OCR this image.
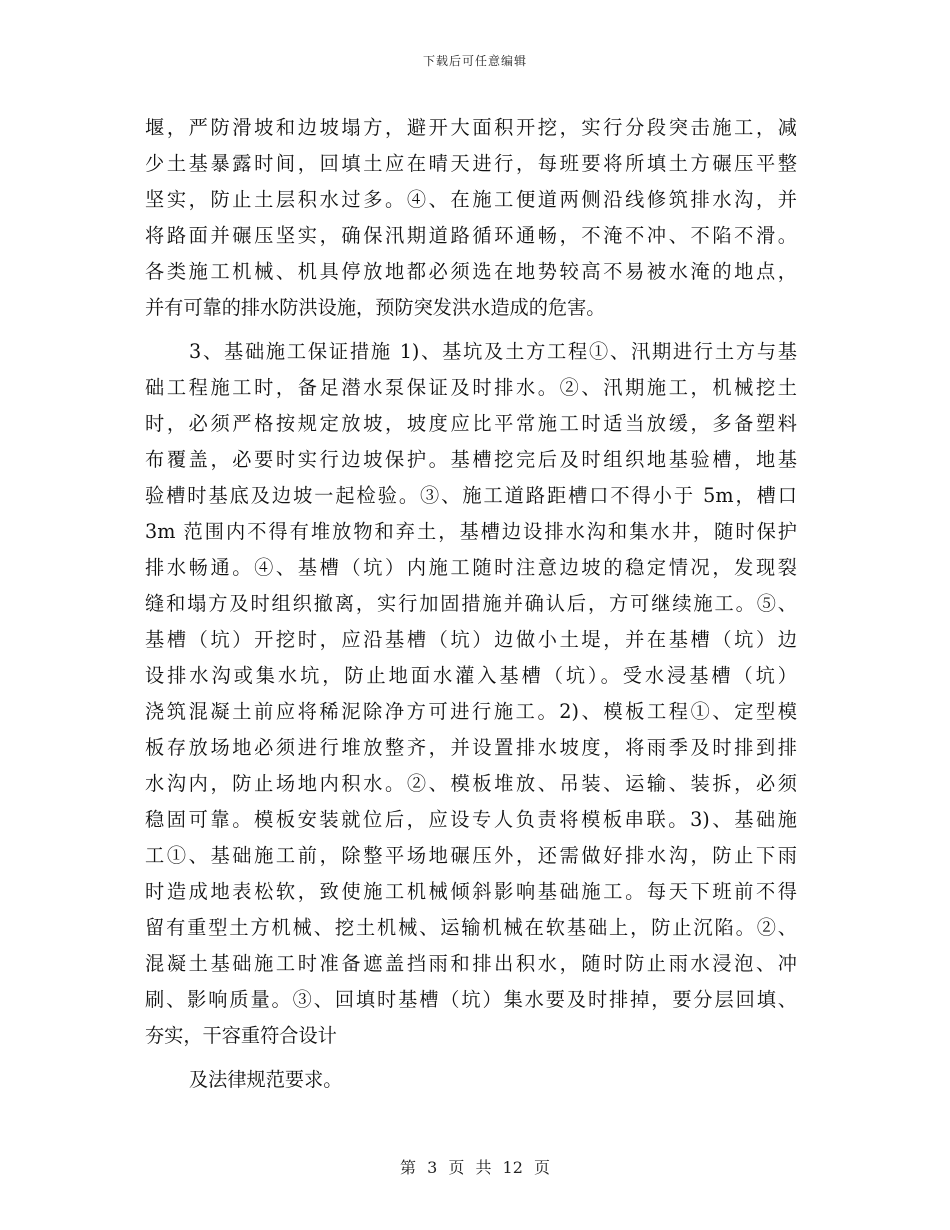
下载后可任意编辑
堰，严防滑坡和边坡塌方，避开大面积开挖，实行分段突击施工，减
少土基暴露时间，回填土应在晴天进行，每班要将所填土方碾压平整
坚实，防止土层积水过多。④、在施工便道两侧沿线修筑排水沟，并
将路面并碾压坚实，确保汛期道路循环通畅，不淹不冲、不陷不滑。
各类施工机械、机具停放地都必须选在地势较高不易被水淹的地点，
并有可靠的排水防洪设施，预防突发洪水造成的危害。
3、基础施工保证措施 1)、基坑及土方工程①、汛期进行土方与基
础工程施工时，备足潜水泵保证及时排水。②、汛期施工，机械挖土
时，必须严格按规定放坡，坡度应比平常施工时适当放缓，多备塑料
布覆盖，必要时实行边坡保护。基槽挖完后及时组织地基验槽，地基
验槽时基底及边坡一起检验。③、施工道路距槽口不得小于 5m，槽口
3m 范围内不得有堆放物和弃土，基槽边设排水沟和集水井，随时保护
排水畅通。④、基槽（坑）内施工随时注意边坡的稳定情况，发现裂
缝和塌方及时组织撤离，实行加固措施并确认后，方可继续施工。⑤、
基槽（坑）开挖时，应沿基槽（坑）边做小土堤，并在基槽（坑）边
设排水沟或集水坑，防止地面水灌入基槽（坑）。受水浸基槽（坑）
浇筑混凝土前应将稀泥除净方可进行施工。2)、模板工程①、定型模
板存放场地必须进行堆放整齐，并设置排水坡度，将雨季及时排到排
水沟内，防止场地内积水。②、模板堆放、吊装、运输、装拆，必须
稳固可靠。模板安装就位后，应设专人负责将模板串联。3)、基础施
工①、基础施工前，除整平场地碾压外，还需做好排水沟，防止下雨
时造成地表松软，致使施工机械倾斜影响基础施工。每天下班前不得
留有重型土方机械、挖土机械、运输机械在软基础上，防止沉陷。②、
混凝土基础施工时准备遮盖挡雨和排出积水，随时防止雨水浸泡、冲
刷、影响质量。③、回填时基槽（坑）集水要及时排掉，要分层回填、
夯实，干容重符合设计
及法律规范要求。
第 3 页 共 12 页
